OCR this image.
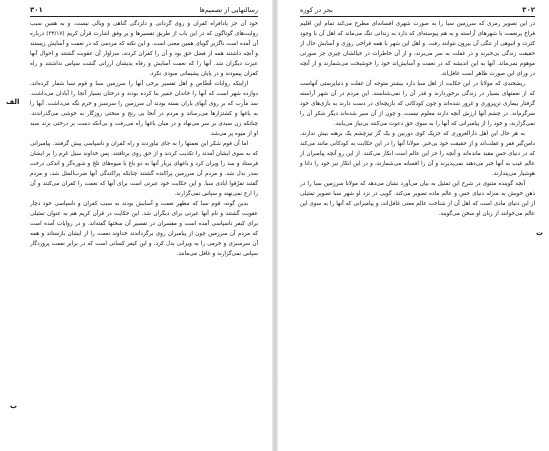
رسالتهایی از تصمیم‌ها
۳۰۱

خود آن جز پادافراه کفران و روی گردانی و دلزدگی گناهی و وبالی نیست. و به همین سبب روایت‌های گوناگون که در این باب از طریق تفسیرها و بر وفق اشارت قرآن کریم (۳۴/۱۷) درباره آن آمده است ناگزیر گویای همین معنی است. و این نکته که مردمی که در نعمت و آسایش زیستند و آنچه داشتند همه از فضل حق بود و آن را کفران کردند، سزاوار آن عقوبت گشتند و احوال آنها عبرت دیگران شد. آنها را که نعمت آسایش و رفاه بدیشان ارزانی گشت سپاس نداشتند و راه کفران پیمودند و در پایان پشیمانی سودی نکرد.

ازاینکه روایات قُصَّاص و اهل تفسیر برخی آنها را سرزمین سبا و قوم سبا شمار کرده‌اند، دوازده شهر است که آنها را خاندان حمیر بنا کرده بودند و درختان بسیار آنجا را آبادان می‌داشت. سد مأرب که بر روی آبهای باران بسته بودند آن سرزمین را سرسبز و خرم نگه می‌داشت. آبها را به باغها و کشتزارها می‌رساند و مردم در آنجا بی رنج و سختی روزگار به خوشی می‌گذراندند. چنانکه زن سبدی بر سر می‌نهاد و در میان باغها راه می‌رفت و بی‌آنکه دست بر درختی بزند سبد او از میوه پر می‌شد.

اما آن قوم شکر این نعمتها را به جای نیاوردند و راه کفران و ناسپاسی پیش گرفتند. پیامبرانی که به سوی ایشان آمدند را تکذیب کردند و از حق روی برتافتند. پس خداوند سیل عَرِم را بر ایشان فرستاد و سد را ویران کرد و باغهای پربار آنها به دو باغ با میوه‌های تلخ و شوره‌گز و اندکی درخت سدر بدل شد. و مردم آن سرزمین پراکنده گشتند چنانکه پراکندگی آنها ضرب‌المثل شد، و مردم گفتند تفرّقوا ایادی سبا. و این حکایت خود عبرتی است برای آنها که نعمت را کفران می‌کنند و آن را ارج نمی‌نهند و سپاس نمی‌گزارند.

بدین گونه، قوم سبا که مظهر نعمت و آسایش بودند به سبب کفران و ناسپاسی خود دچار عقوبت گشتند و نام آنها عبرتی برای دیگران شد. این حکایت در قرآن کریم هم به عنوان تمثیلی برای کیفر ناسپاسی آمده است و مفسران در تفسیر آن سخنها گفته‌اند. و در روایات آمده است که مردم آن سرزمین چون از پیامبران روی برگرداندند خداوند نعمت را از ایشان بازستاند و همه آن سرسبزی و خرمی را به ویرانی بدل کرد، و این کیفر کسانی است که در برابر نعمت پروردگار سپاس نمی‌گزارند و غافل می‌مانند.

الف
ب
۳۰۲
بحر در کوزه

در این تصویر رمزی که سرزمین سبا را به صورت شهری افسانه‌ای مطرح می‌کند تمام این اقلیم فراخ پرنعمت با شهرهای آراسته و به هم پیوسته‌ای که دارد به زندانی تنگ می‌ماند که اهل آن با وجود کثرت و انبوهی از تنگی آن بیرون نتوانند رفت. و اهل این شهر با همه فراخی روزی و آسایش حال از حقیقت زندگی بی‌خبرند و در غفلت به سر می‌برند، و از آن خاطرات در خیالشان چیزی جز صورتی موهوم نمی‌ماند. آنها به این اندیشه که در نعمت و آسایش‌اند خود را خوشبخت می‌شمارند و از آنچه در ورای این صورت ظاهر است غافل‌اند.

ریشخندی که مولانا در این حکایت از اهل سبا دارد بیشتر متوجه آن غفلت و دنیاپرستی آنهاست که از نعمتهای بسیار در زندگی برخوردارند و قدر آن را نمی‌شناسند. این مردم در آن شهر آراسته گرفتار بیماری تن‌پروری و غرور شده‌اند و چون کودکانی که بازیچه‌ای در دست دارند به بازی‌های خود سرگرم‌اند. در چشم آنها ارزش آنچه دارند معلوم نیست، و چون از آن سیر شده‌اند دیگر شکر آن را نمی‌گزارند، و خود را از پیامبرانی که آنها را به سوی حق دعوت می‌کنند بی‌نیاز می‌یابند.

به هر حال این اهل دارالغروری که جزیک کوی دوربین و یک گز تیزچشم یک برهنه بیش ندارند، دامن‌گیر فقر و غفلت‌اند و از حقیقت خود بی‌خبر. مولانا آنها را در این حکایت به کودکانی مانند می‌کند که در دنیای حس مقید مانده‌اند و آنچه را جز این عالم است انکار می‌کنند. از این رو آنچه پیامبران از عالم غیب به آنها خبر می‌دهند نمی‌پذیرند و آن را افسانه می‌شمارند، و در این انکار نیز خود را دانا و هوشیار می‌پندارند.

آنچه گوینده مثنوی در شرح این تمثیل به بیان می‌آورد نشان می‌دهد که مولانا سرزمین سبا را در ذهن خویش به منزله دنیای حس و عالم ماده تصویر می‌کند. گویی در نزد او شهر سبا تصویر تمثیلی از این دنیای مادی است که اهل آن از شناخت عالم معنی غافل‌اند، و پیامبرانی که آنها را به سوی این عالم می‌خوانند از زبان او سخن می‌گویند.

ت
